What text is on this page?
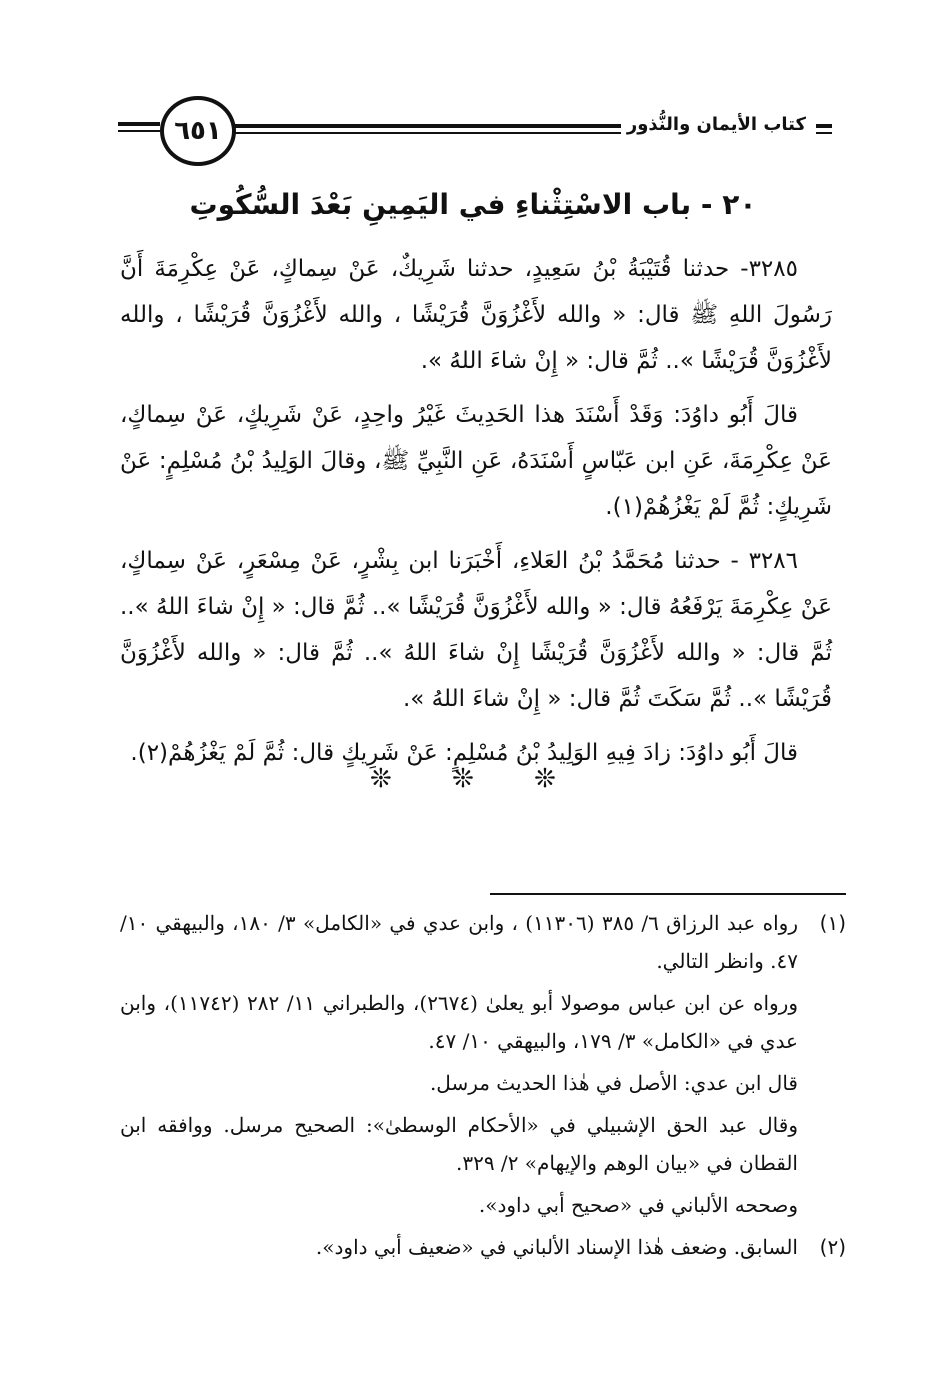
٦٥١	كتاب الأيمان والنُّذور
٢٠ - باب الاسْتِثْناءِ في اليَمِينِ بَعْدَ السُّكُوتِ

٣٢٨٥- حدثنا قُتَيْبَةُ بْنُ سَعِيدٍ، حدثنا شَرِيكٌ، عَنْ سِماكٍ، عَنْ عِكْرِمَةَ أَنَّ رَسُولَ اللهِ ﷺ قال: « والله لأَغْزُوَنَّ قُرَيْشًا ، والله لأَغْزُوَنَّ قُرَيْشًا ، والله لأَغْزُوَنَّ قُرَيْشًا ».. ثُمَّ قال: « إِنْ شاءَ اللهُ ».

قالَ أَبُو داوُدَ: وَقَدْ أَسْنَدَ هذا الحَدِيثَ غَيْرُ واحِدٍ، عَنْ شَرِيكٍ، عَنْ سِماكٍ، عَنْ عِكْرِمَةَ، عَنِ ابن عَبّاسٍ أَسْنَدَهُ، عَنِ النَّبِيِّ ﷺ، وقالَ الوَلِيدُ بْنُ مُسْلِمٍ: عَنْ شَرِيكٍ: ثُمَّ لَمْ يَغْزُهُمْ(١).

٣٢٨٦ - حدثنا مُحَمَّدُ بْنُ العَلاءِ، أَخْبَرَنا ابن بِشْرٍ، عَنْ مِسْعَرٍ، عَنْ سِماكٍ، عَنْ عِكْرِمَةَ يَرْفَعُهُ قال: « والله لأَغْزُوَنَّ قُرَيْشًا ».. ثُمَّ قال: « إِنْ شاءَ اللهُ ».. ثُمَّ قال: « والله لأَغْزُوَنَّ قُرَيْشًا إِنْ شاءَ اللهُ ».. ثُمَّ قال: « والله لأَغْزُوَنَّ قُرَيْشًا ».. ثُمَّ سَكَتَ ثُمَّ قال: « إِنْ شاءَ اللهُ ».

قالَ أَبُو داوُدَ: زادَ فِيهِ الوَلِيدُ بْنُ مُسْلِمٍ: عَنْ شَرِيكٍ قال: ثُمَّ لَمْ يَغْزُهُمْ(٢).

❊ ❊ ❊
(١)
رواه عبد الرزاق ٦/ ٣٨٥ (١١٣٠٦) ، وابن عدي في «الكامل» ٣/ ١٨٠، والبيهقي ١٠/ ٤٧. وانظر التالي.
ورواه عن ابن عباس موصولا أبو يعلىٰ (٢٦٧٤)، والطبراني ١١/ ٢٨٢ (١١٧٤٢)، وابن عدي في «الكامل» ٣/ ١٧٩، والبيهقي ١٠/ ٤٧.
قال ابن عدي: الأصل في هٰذا الحديث مرسل.
وقال عبد الحق الإشبيلي في «الأحكام الوسطىٰ»: الصحيح مرسل. ووافقه ابن القطان في «بيان الوهم والإيهام» ٢/ ٣٢٩.
وصححه الألباني في «صحيح أبي داود».
(٢)
السابق. وضعف هٰذا الإسناد الألباني في «ضعيف أبي داود».
